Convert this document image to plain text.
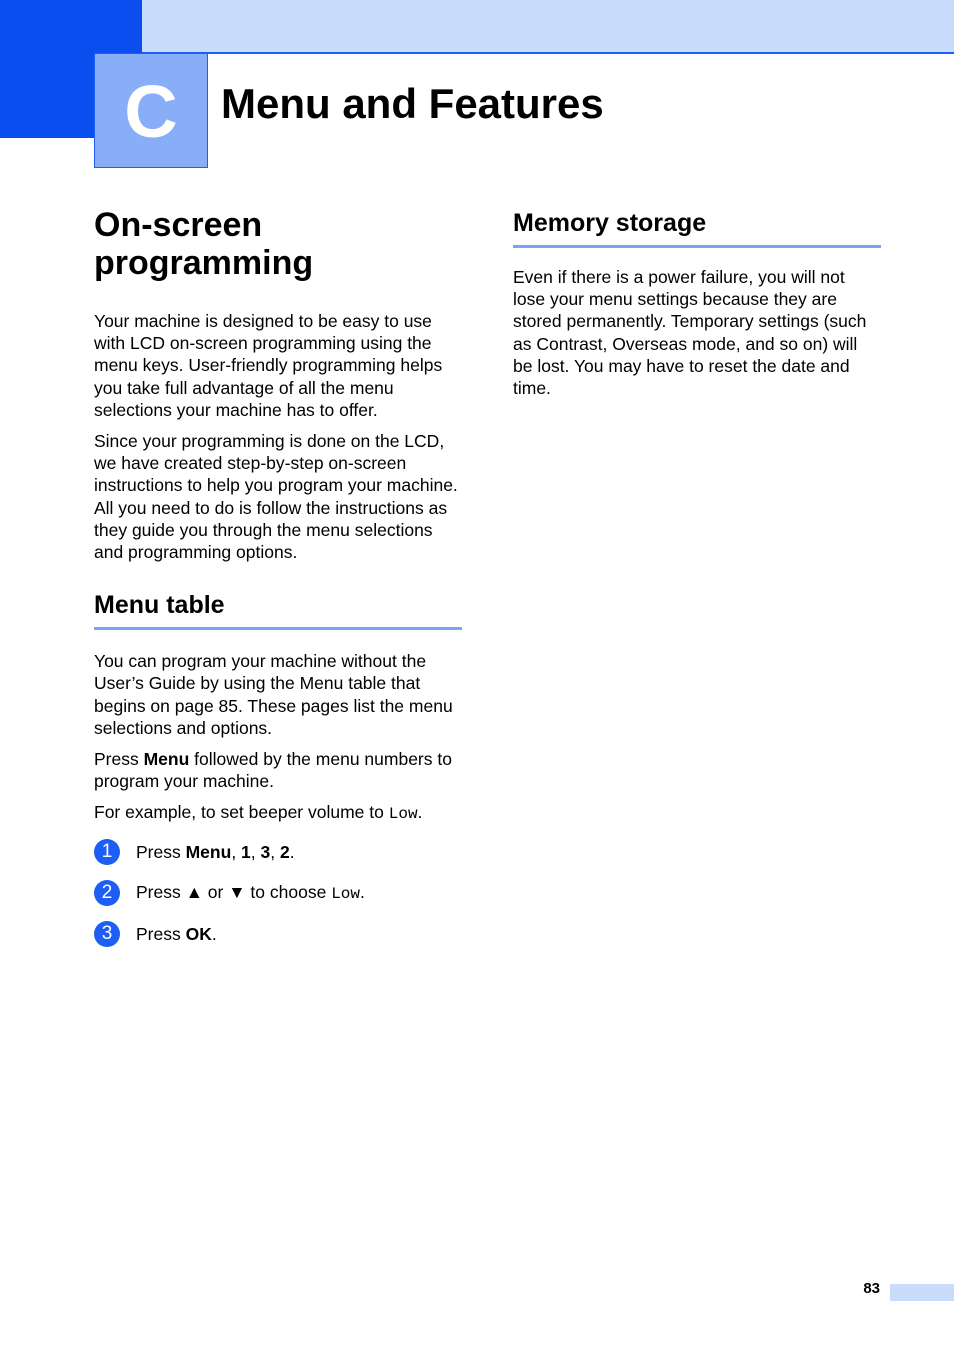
C	Menu and Features
On-screen programming

Your machine is designed to be easy to use with LCD on-screen programming using the menu keys. User-friendly programming helps you take full advantage of all the menu selections your machine has to offer.

Since your programming is done on the LCD, we have created step-by-step on-screen instructions to help you program your machine. All you need to do is follow the instructions as they guide you through the menu selections and programming options.

Menu table

You can program your machine without the User’s Guide by using the Menu table that begins on page 85. These pages list the menu selections and options.

Press Menu followed by the menu numbers to program your machine.

For example, to set beeper volume to Low.

1	Press Menu, 1, 3, 2.
2	Press ▲ or ▼ to choose Low.
3	Press OK.
Memory storage

Even if there is a power failure, you will not lose your menu settings because they are stored permanently. Temporary settings (such as Contrast, Overseas mode, and so on) will be lost. You may have to reset the date and time.

83
